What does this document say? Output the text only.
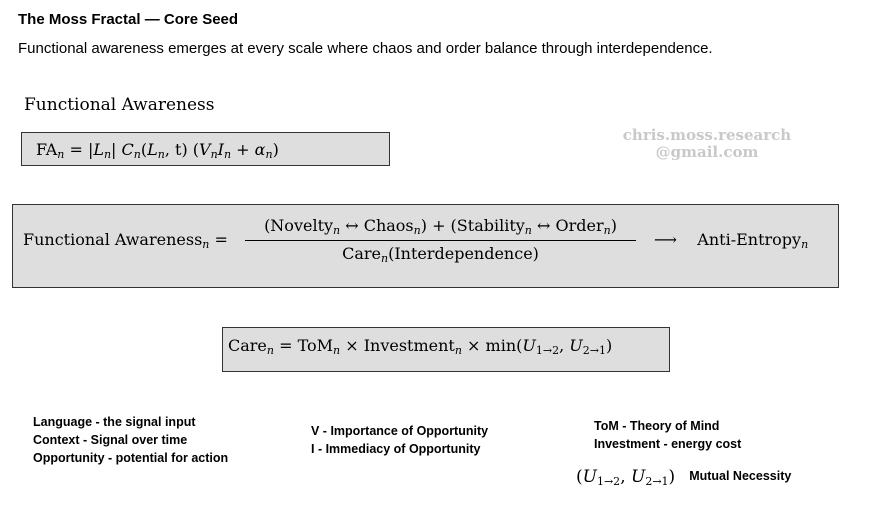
The Moss Fractal — Core Seed
Functional awareness emerges at every scale where chaos and order balance through interdependence.
Functional Awareness
$FA_n = |L_n|$ $C_n(L_n$, t) $(V_nI_n + \alpha_n)$
chris.moss.research
@gmail.com
Functional Awareness$_n$ =
(Novelty$_n$ ↔ Chaos$_n$) + (Stability$_n$ ↔ Order$_n$)
Care$_n$(Interdependence)
⟶ Anti-Entropy$_n$
Care$_n$ = ToM$_n$ × Investment$_n$ × min(U1→2, U2→1)
Language - the signal input
Context - Signal over time
Opportunity - potential for action
V - Importance of Opportunity
I - Immediacy of Opportunity
ToM - Theory of Mind
Investment - energy cost
(U1→2, U2→1) Mutual Necessity
